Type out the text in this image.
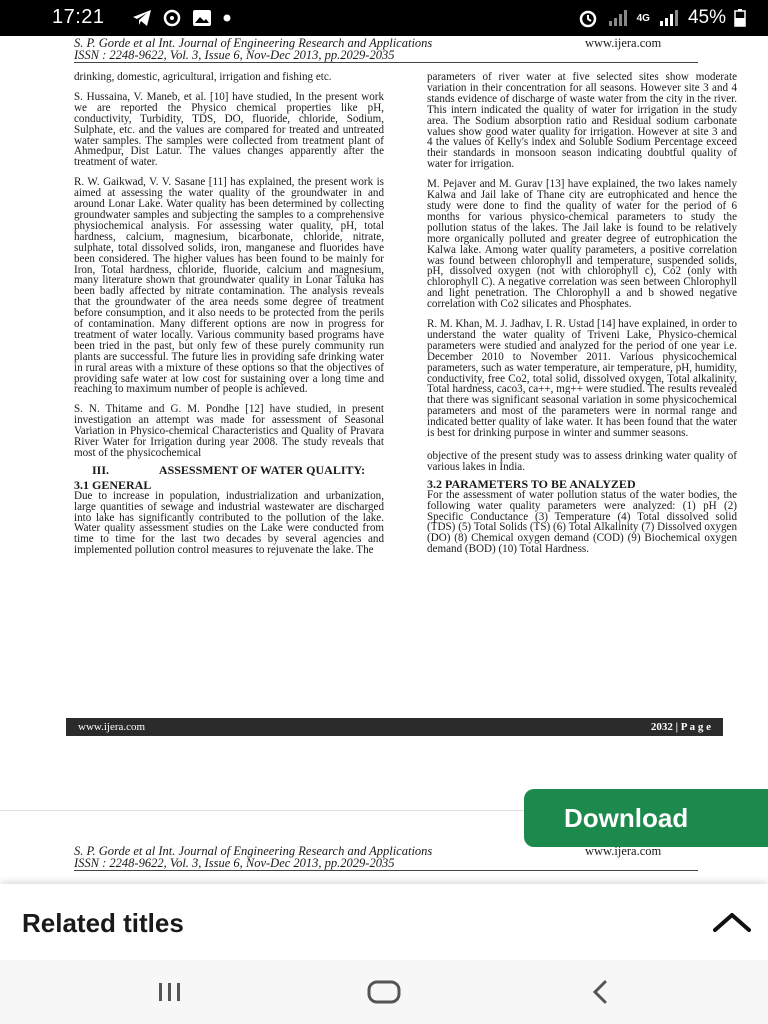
17:21	4G 45%
S. P. Gorde et al Int. Journal of Engineering Research and Applications	www.ijera.com
ISSN : 2248-9622, Vol. 3, Issue 6, Nov-Dec 2013, pp.2029-2035

drinking, domestic, agricultural, irrigation and fishing etc.

S. Hussaina, V. Maneb, et al. [10] have studied, In the present work we are reported the Physico chemical properties like pH, conductivity, Turbidity, TDS, DO, fluoride, chloride, Sodium, Sulphate, etc. and the values are compared for treated and untreated water samples. The samples were collected from treatment plant of Ahmedpur, Dist Latur. The values changes apparently after the treatment of water.

R. W. Gaikwad, V. V. Sasane [11] has explained, the present work is aimed at assessing the water quality of the groundwater in and around Lonar Lake. Water quality has been determined by collecting groundwater samples and subjecting the samples to a comprehensive physiochemical analysis. For assessing water quality, pH, total hardness, calcium, magnesium, bicarbonate, chloride, nitrate, sulphate, total dissolved solids, iron, manganese and fluorides have been considered. The higher values has been found to be mainly for Iron, Total hardness, chloride, fluoride, calcium and magnesium, many literature shown that groundwater quality in Lonar Taluka has been badly affected by nitrate contamination. The analysis reveals that the groundwater of the area needs some degree of treatment before consumption, and it also needs to be protected from the perils of contamination. Many different options are now in progress for treatment of water locally. Various community based programs have been tried in the past, but only few of these purely community run plants are successful. The future lies in providing safe drinking water in rural areas with a mixture of these options so that the objectives of providing safe water at low cost for sustaining over a long time and reaching to maximum number of people is achieved.

S. N. Thitame and G. M. Pondhe [12] have studied, in present investigation an attempt was made for assessment of Seasonal Variation in Physico-chemical Characteristics and Quality of Pravara River Water for Irrigation during year 2008. The study reveals that most of the physicochemical

III.	ASSESSMENT OF WATER QUALITY:
3.1 GENERAL

Due to increase in population, industrialization and urbanization, large quantities of sewage and industrial wastewater are discharged into lake has significantly contributed to the pollution of the lake. Water quality assessment studies on the Lake were conducted from time to time for the last two decades by several agencies and implemented pollution control measures to rejuvenate the lake. The

parameters of river water at five selected sites show moderate variation in their concentration for all seasons. However site 3 and 4 stands evidence of discharge of waste water from the city in the river. This intern indicated the quality of water for irrigation in the study area. The Sodium absorption ratio and Residual sodium carbonate values show good water quality for irrigation. However at site 3 and 4 the values of Kelly's index and Soluble Sodium Percentage exceed their standards in monsoon season indicating doubtful quality of water for irrigation.

M. Pejaver and M. Gurav [13] have explained, the two lakes namely Kalwa and Jail lake of Thane city are eutrophicated and hence the study were done to find the quality of water for the period of 6 months for various physico-chemical parameters to study the pollution status of the lakes. The Jail lake is found to be relatively more organically polluted and greater degree of eutrophication the Kalwa lake. Among water quality parameters, a positive correlation was found between chlorophyll and temperature, suspended solids, pH, dissolved oxygen (not with chlorophyll c), Co2 (only with chlorophyll C). A negative correlation was seen between Chlorophyll and light penetration. The Chlorophyll a and b showed negative correlation with Co2 silicates and Phosphates.

R. M. Khan, M. J. Jadhav, I. R. Ustad [14] have explained, in order to understand the water quality of Triveni Lake, Physico-chemical parameters were studied and analyzed for the period of one year i.e. December 2010 to November 2011. Various physicochemical parameters, such as water temperature, air temperature, pH, humidity, conductivity, free Co2, total solid, dissolved oxygen, Total alkalinity, Total hardness, caco3, ca++, mg++ were studied. The results revealed that there was significant seasonal variation in some physicochemical parameters and most of the parameters were in normal range and indicated better quality of lake water. It has been found that the water is best for drinking purpose in winter and summer seasons.

objective of the present study was to assess drinking water quality of various lakes in India.

3.2 PARAMETERS TO BE ANALYZED

For the assessment of water pollution status of the water bodies, the following water quality parameters were analyzed: (1) pH (2) Specific Conductance (3) Temperature (4) Total dissolved solid (TDS) (5) Total Solids (TS) (6) Total Alkalinity (7) Dissolved oxygen (DO) (8) Chemical oxygen demand (COD) (9) Biochemical oxygen demand (BOD) (10) Total Hardness.

www.ijera.com	2032 | P a g e
Download
S. P. Gorde et al Int. Journal of Engineering Research and Applications	www.ijera.com
ISSN : 2248-9622, Vol. 3, Issue 6, Nov-Dec 2013, pp.2029-2035
Related titles
